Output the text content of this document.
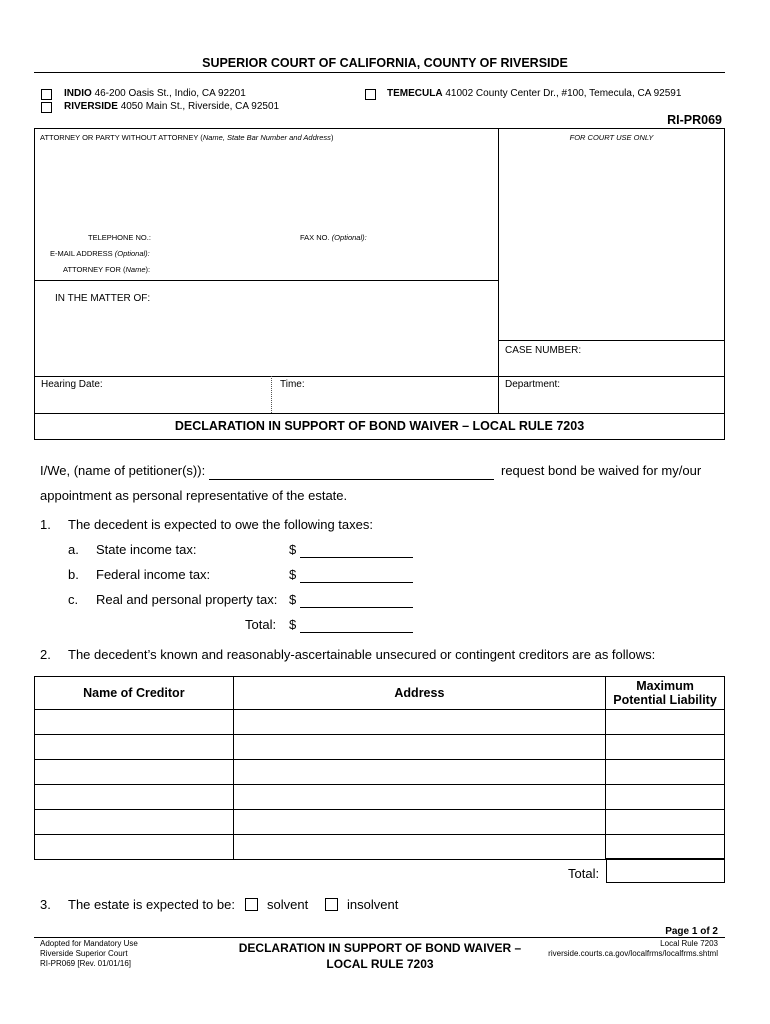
SUPERIOR COURT OF CALIFORNIA, COUNTY OF RIVERSIDE
INDIO 46-200 Oasis St., Indio, CA 92201
RIVERSIDE 4050 Main St., Riverside, CA 92501
TEMECULA 41002 County Center Dr., #100, Temecula, CA 92591
RI-PR069
ATTORNEY OR PARTY WITHOUT ATTORNEY (Name, State Bar Number and Address)	FOR COURT USE ONLY
TELEPHONE NO.:	FAX NO. (Optional):
E-MAIL ADDRESS (Optional):
ATTORNEY FOR (Name):
IN THE MATTER OF:
CASE NUMBER:
Hearing Date:	Time:	Department:
DECLARATION IN SUPPORT OF BOND WAIVER – LOCAL RULE 7203
I/We, (name of petitioner(s)):	request bond be waived for my/our
appointment as personal representative of the estate.
1. The decedent is expected to owe the following taxes:
a. State income tax:	$
b. Federal income tax:	$
c. Real and personal property tax: $
Total: $
2. The decedent’s known and reasonably-ascertainable unsecured or contingent creditors are as follows:
Name of Creditor	Address	Maximum
Potential Liability

Total:
3. The estate is expected to be: solvent	insolvent
Page 1 of 2
Adopted for Mandatory Use
Riverside Superior Court
RI-PR069 [Rev. 01/01/16]
DECLARATION IN SUPPORT OF BOND WAIVER –
LOCAL RULE 7203
Local Rule 7203
riverside.courts.ca.gov/localfrms/localfrms.shtml
